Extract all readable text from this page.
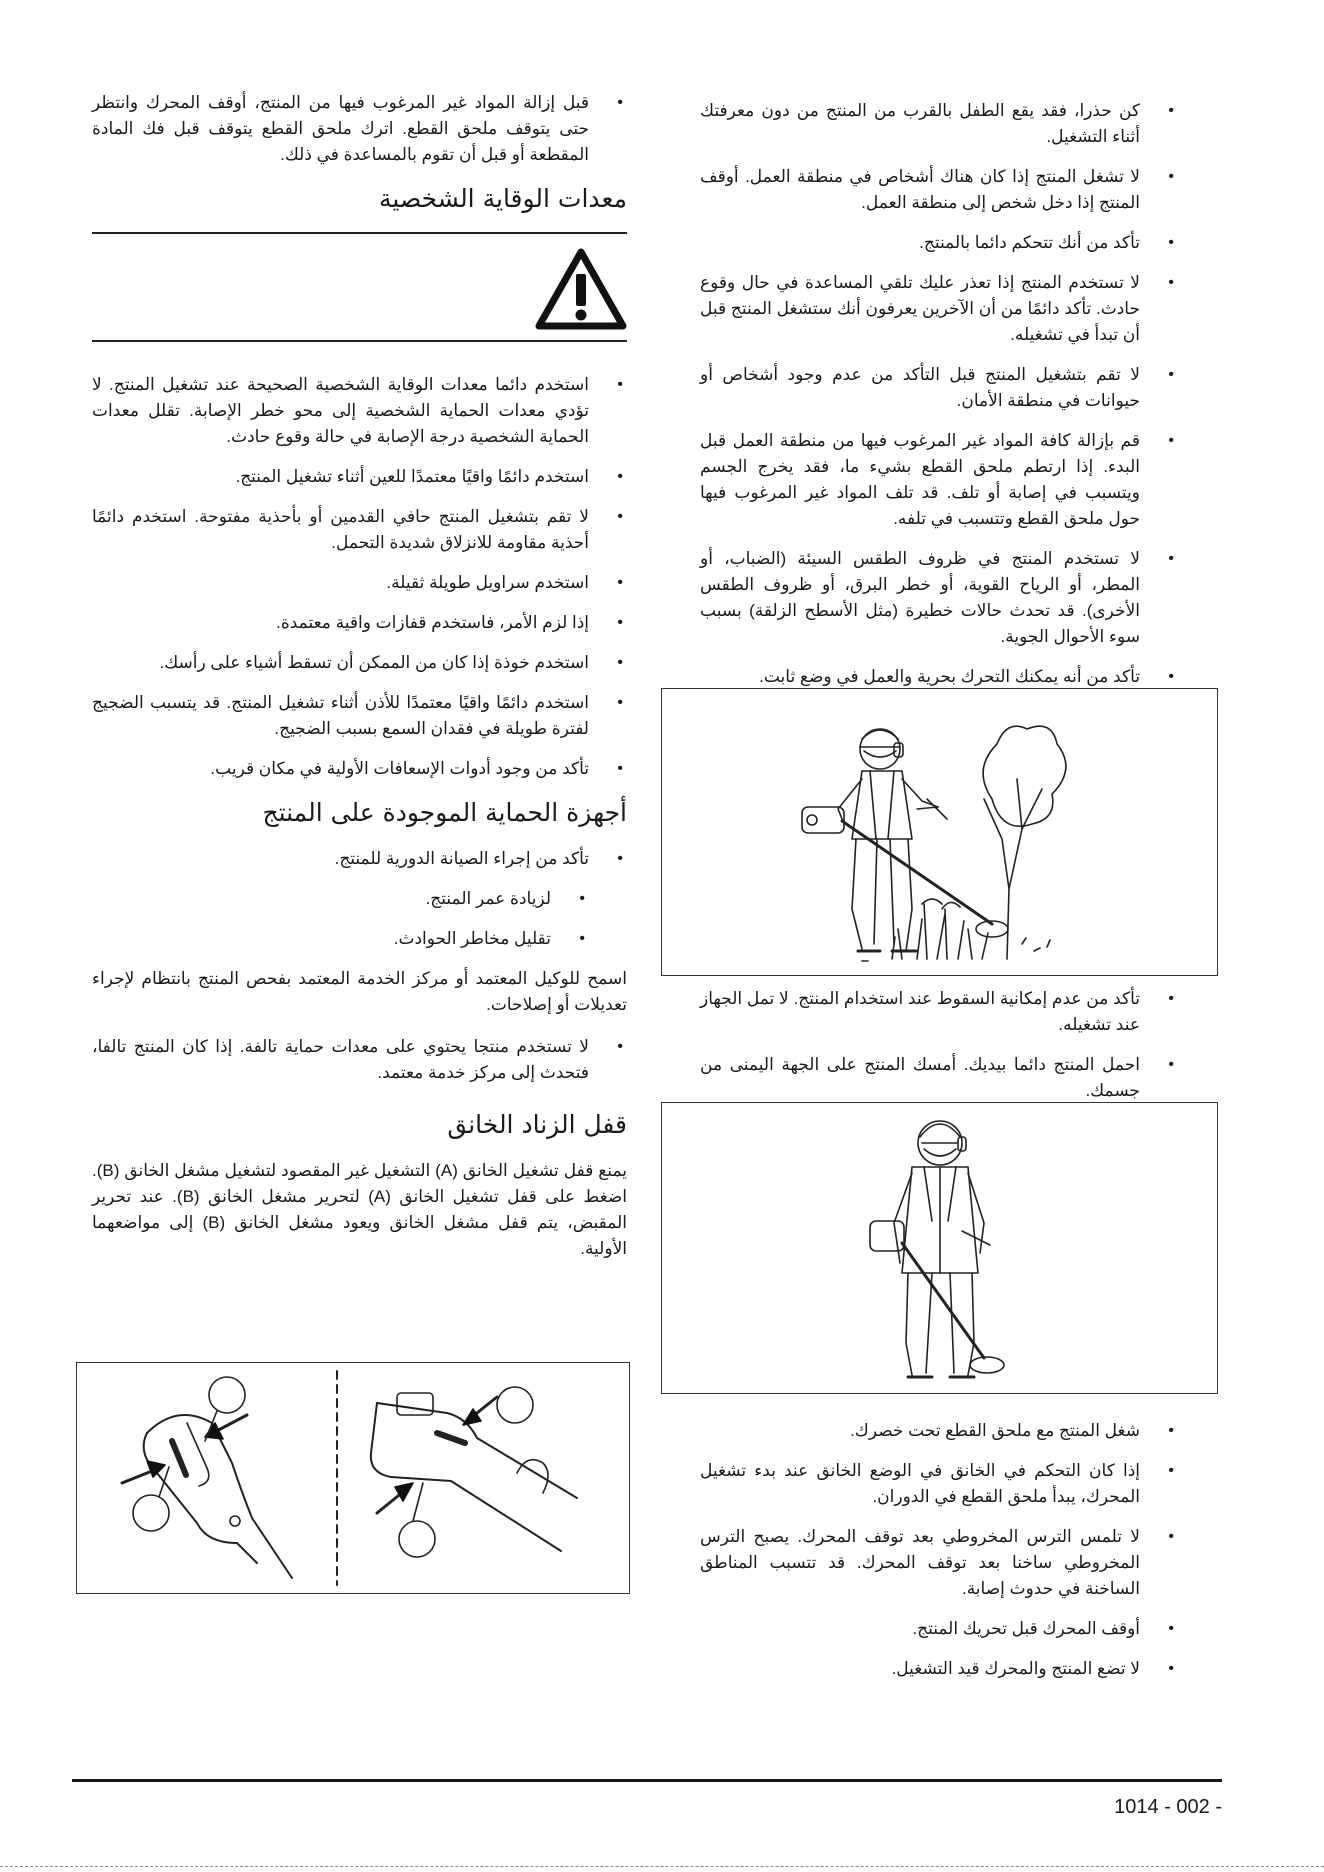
• كن حذرا، فقد يقع الطفل بالقرب من المنتج من دون معرفتك أثناء التشغيل.
• لا تشغل المنتج إذا كان هناك أشخاص في منطقة العمل. أوقف المنتج إذا دخل شخص إلى منطقة العمل.
• تأكد من أنك تتحكم دائما بالمنتج.
• لا تستخدم المنتج إذا تعذر عليك تلقي المساعدة في حال وقوع حادث. تأكد دائمًا من أن الآخرين يعرفون أنك ستشغل المنتج قبل أن تبدأ في تشغيله.
• لا تقم بتشغيل المنتج قبل التأكد من عدم وجود أشخاص أو حيوانات في منطقة الأمان.
• قم بإزالة كافة المواد غير المرغوب فيها من منطقة العمل قبل البدء. إذا ارتطم ملحق القطع بشيء ما، فقد يخرج الجسم ويتسبب في إصابة أو تلف. قد تلف المواد غير المرغوب فيها حول ملحق القطع وتتسبب في تلفه.
• لا تستخدم المنتج في ظروف الطقس السيئة (الضباب، أو المطر، أو الرياح القوية، أو خطر البرق، أو ظروف الطقس الأخرى). قد تحدث حالات خطيرة (مثل الأسطح الزلقة) بسبب سوء الأحوال الجوية.
• تأكد من أنه يمكنك التحرك بحرية والعمل في وضع ثابت.
• تأكد من عدم إمكانية السقوط عند استخدام المنتج. لا تمل الجهاز عند تشغيله.
• احمل المنتج دائما بيديك. أمسك المنتج على الجهة اليمنى من جسمك.
• شغل المنتج مع ملحق القطع تحت خصرك.
• إذا كان التحكم في الخانق في الوضع الخانق عند بدء تشغيل المحرك، يبدأ ملحق القطع في الدوران.
• لا تلمس الترس المخروطي بعد توقف المحرك. يصبح الترس المخروطي ساخنا بعد توقف المحرك. قد تتسبب المناطق الساخنة في حدوث إصابة.
• أوقف المحرك قبل تحريك المنتج.
• لا تضع المنتج والمحرك قيد التشغيل.
• قبل إزالة المواد غير المرغوب فيها من المنتج، أوقف المحرك وانتظر حتى يتوقف ملحق القطع. اترك ملحق القطع يتوقف قبل فك المادة المقطعة أو قبل أن تقوم بالمساعدة في ذلك.
معدات الوقاية الشخصية
• استخدم دائما معدات الوقاية الشخصية الصحيحة عند تشغيل المنتج. لا تؤدي معدات الحماية الشخصية إلى محو خطر الإصابة. تقلل معدات الحماية الشخصية درجة الإصابة في حالة وقوع حادث.
• استخدم دائمًا واقيًا معتمدًا للعين أثناء تشغيل المنتج.
• لا تقم بتشغيل المنتج حافي القدمين أو بأحذية مفتوحة. استخدم دائمًا أحذية مقاومة للانزلاق شديدة التحمل.
• استخدم سراويل طويلة ثقيلة.
• إذا لزم الأمر، فاستخدم قفازات واقية معتمدة.
• استخدم خوذة إذا كان من الممكن أن تسقط أشياء على رأسك.
• استخدم دائمًا واقيًا معتمدًا للأذن أثناء تشغيل المنتج. قد يتسبب الضجيج لفترة طويلة في فقدان السمع بسبب الضجيج.
• تأكد من وجود أدوات الإسعافات الأولية في مكان قريب.
أجهزة الحماية الموجودة على المنتج
• تأكد من إجراء الصيانة الدورية للمنتج.
• لزيادة عمر المنتج.
• تقليل مخاطر الحوادث.

اسمح للوكيل المعتمد أو مركز الخدمة المعتمد بفحص المنتج بانتظام لإجراء تعديلات أو إصلاحات.

• لا تستخدم منتجا يحتوي على معدات حماية تالفة. إذا كان المنتج تالفا، فتحدث إلى مركز خدمة معتمد.
قفل الزناد الخانق

يمنع قفل تشغيل الخانق (A) التشغيل غير المقصود لتشغيل مشغل الخانق (B). اضغط على قفل تشغيل الخانق (A) لتحرير مشغل الخانق (B). عند تحرير المقبض، يتم قفل مشغل الخانق ويعود مشغل الخانق (B) إلى مواضعهما الأولية.

1014 - 002 -
